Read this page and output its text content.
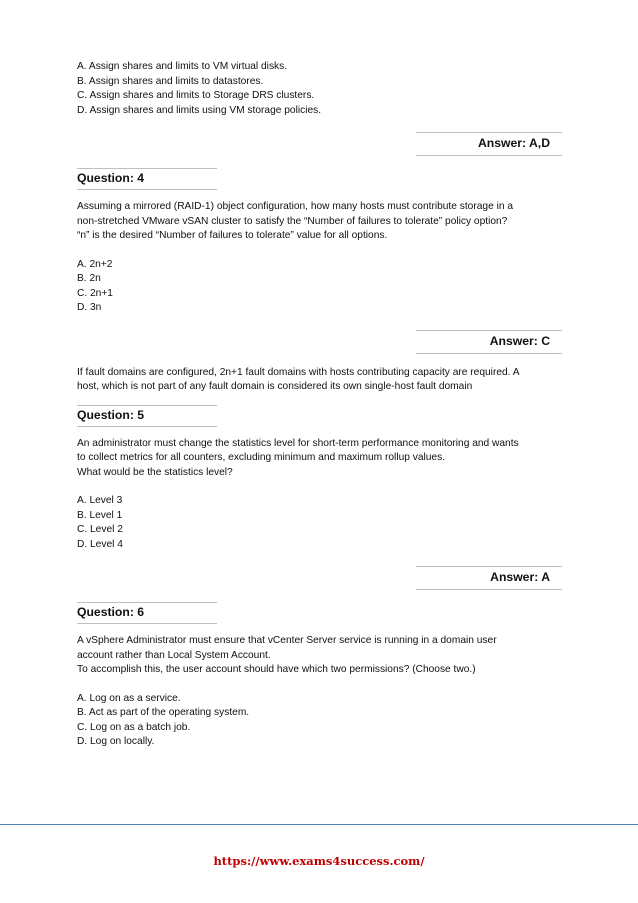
A. Assign shares and limits to VM virtual disks.
B. Assign shares and limits to datastores.
C. Assign shares and limits to Storage DRS clusters.
D. Assign shares and limits using VM storage policies.
Answer: A,D
Question: 4
Assuming a mirrored (RAID-1) object configuration, how many hosts must contribute storage in a
non-stretched VMware vSAN cluster to satisfy the “Number of failures to tolerate” policy option?
“n” is the desired “Number of failures to tolerate” value for all options.
A. 2n+2
B. 2n
C. 2n+1
D. 3n
Answer: C
If fault domains are configured, 2n+1 fault domains with hosts contributing capacity are required. A
host, which is not part of any fault domain is considered its own single-host fault domain
Question: 5
An administrator must change the statistics level for short-term performance monitoring and wants
to collect metrics for all counters, excluding minimum and maximum rollup values.
What would be the statistics level?
A. Level 3
B. Level 1
C. Level 2
D. Level 4
Answer: A
Question: 6
A vSphere Administrator must ensure that vCenter Server service is running in a domain user
account rather than Local System Account.
To accomplish this, the user account should have which two permissions? (Choose two.)
A. Log on as a service.
B. Act as part of the operating system.
C. Log on as a batch job.
D. Log on locally.
https://www.exams4success.com/
